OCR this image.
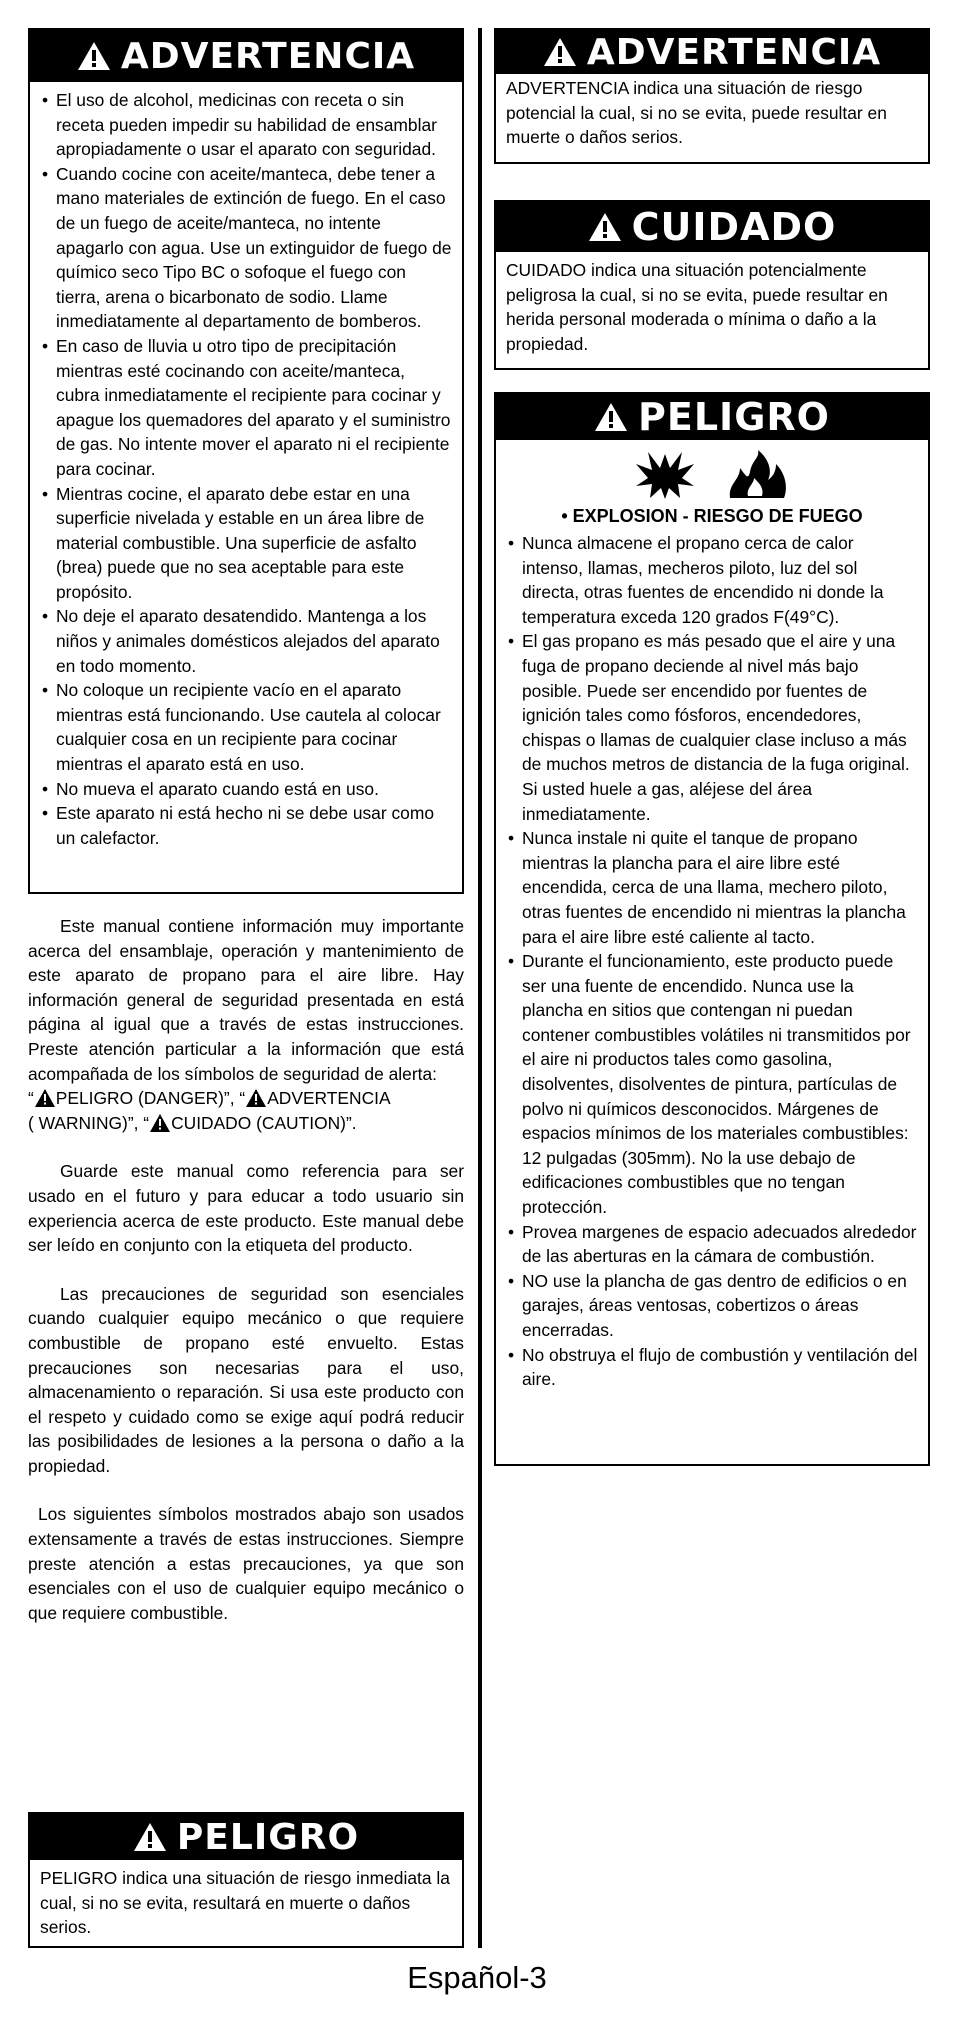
ADVERTENCIA
• El uso de alcohol, medicinas con receta o sin receta pueden impedir su habilidad de ensamblar apropiadamente o usar el aparato con seguridad.
• Cuando cocine con aceite/manteca, debe tener a mano materiales de extinción de fuego. En el caso de un fuego de aceite/manteca, no intente apagarlo con agua. Use un extinguidor de fuego de químico seco Tipo BC o sofoque el fuego con tierra, arena o bicarbonato de sodio. Llame inmediatamente al departamento de bomberos.
• En caso de lluvia u otro tipo de precipitación mientras esté cocinando con aceite/manteca, cubra inmediatamente el recipiente para cocinar y apague los quemadores del aparato y el suministro de gas. No intente mover el aparato ni el recipiente para cocinar.
• Mientras cocine, el aparato debe estar en una superficie nivelada y estable en un área libre de material combustible. Una superficie de asfalto (brea) puede que no sea aceptable para este propósito.
• No deje el aparato desatendido. Mantenga a los niños y animales domésticos alejados del aparato en todo momento.
• No coloque un recipiente vacío en el aparato mientras está funcionando. Use cautela al colocar cualquier cosa en un recipiente para cocinar mientras el aparato está en uso.
• No mueva el aparato cuando está en uso.
• Este aparato ni está hecho ni se debe usar como un calefactor.

Este manual contiene información muy importante acerca del ensamblaje, operación y mantenimiento de este aparato de propano para el aire libre. Hay información general de seguridad presentada en está página al igual que a través de estas instrucciones. Preste atención particular a la información que está acompañada de los símbolos de seguridad de alerta:

“ PELIGRO (DANGER)”, “ ADVERTENCIA
( WARNING)”, “ CUIDADO (CAUTION)”.

Guarde este manual como referencia para ser usado en el futuro y para educar a todo usuario sin experiencia acerca de este producto. Este manual debe ser leído en conjunto con la etiqueta del producto.

Las precauciones de seguridad son esenciales cuando cualquier equipo mecánico o que requiere combustible de propano esté envuelto. Estas precauciones son necesarias para el uso, almacenamiento o reparación. Si usa este producto con el respeto y cuidado como se exige aquí podrá reducir las posibilidades de lesiones a la persona o daño a la propiedad.

Los siguientes símbolos mostrados abajo son usados extensamente a través de estas instrucciones. Siempre preste atención a estas precauciones, ya que son esenciales con el uso de cualquier equipo mecánico o que requiere combustible.

PELIGRO
PELIGRO indica una situación de riesgo inmediata la cual, si no se evita, resultará en muerte o daños serios.
ADVERTENCIA
ADVERTENCIA indica una situación de riesgo potencial la cual, si no se evita, puede resultar en muerte o daños serios.
CUIDADO
CUIDADO indica una situación potencialmente peligrosa la cual, si no se evita, puede resultar en herida personal moderada o mínima o daño a la propiedad.
PELIGRO
• EXPLOSION - RIESGO DE FUEGO
• Nunca almacene el propano cerca de calor intenso, llamas, mecheros piloto, luz del sol directa, otras fuentes de encendido ni donde la temperatura exceda 120 grados F(49°C).
• El gas propano es más pesado que el aire y una fuga de propano deciende al nivel más bajo posible. Puede ser encendido por fuentes de ignición tales como fósforos, encendedores, chispas o llamas de cualquier clase incluso a más de muchos metros de distancia de la fuga original. Si usted huele a gas, aléjese del área inmediatamente.
• Nunca instale ni quite el tanque de propano mientras la plancha para el aire libre esté encendida, cerca de una llama, mechero piloto, otras fuentes de encendido ni mientras la plancha para el aire libre esté caliente al tacto.
• Durante el funcionamiento, este producto puede ser una fuente de encendido. Nunca use la plancha en sitios que contengan ni puedan contener combustibles volátiles ni transmitidos por el aire ni productos tales como gasolina, disolventes, disolventes de pintura, partículas de polvo ni químicos desconocidos. Márgenes de espacios mínimos de los materiales combustibles: 12 pulgadas (305mm). No la use debajo de edificaciones combustibles que no tengan protección.
• Provea margenes de espacio adecuados alrededor de las aberturas en la cámara de combustión.
• NO use la plancha de gas dentro de edificios o en garajes, áreas ventosas, cobertizos o áreas encerradas.
• No obstruya el flujo de combustión y ventilación del aire.
Español-3
